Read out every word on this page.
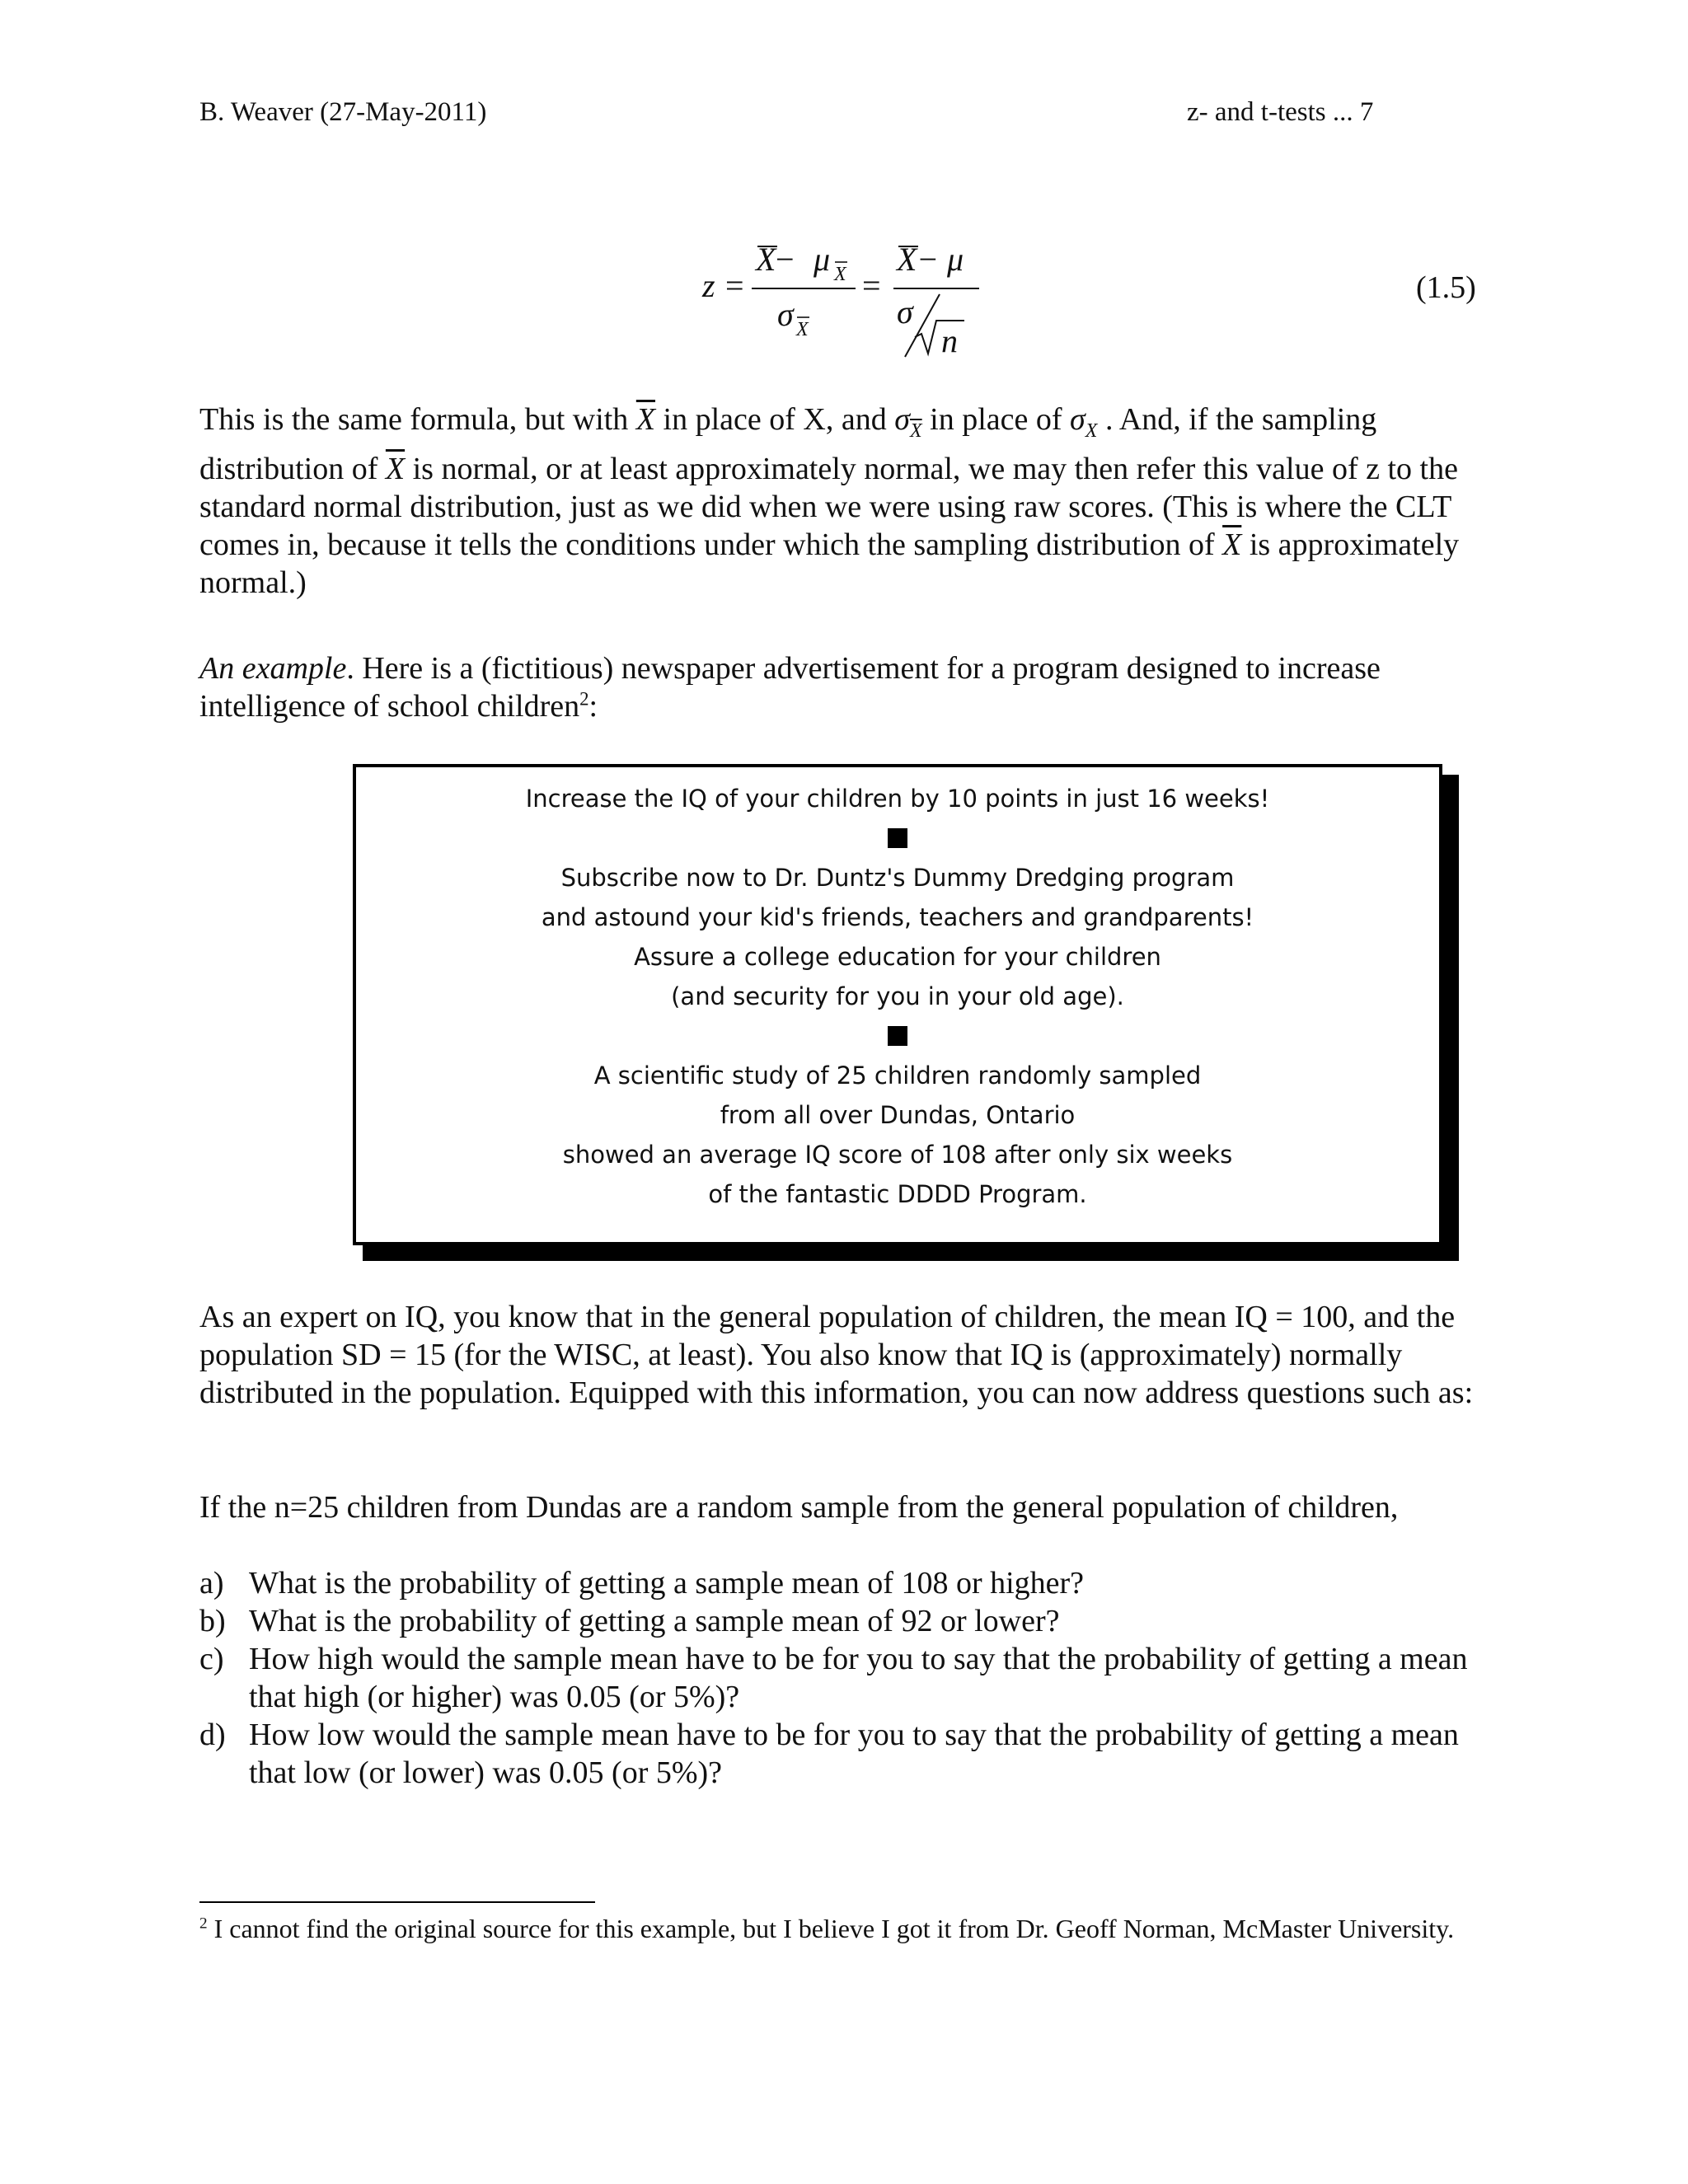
B. Weaver (27-May-2011)	z- and t-tests ... 7
z =
X − μ X
σ X
=
X − μ
σ
n
(1.5)

This is the same formula, but with $\overline{X}$ in place of X, and $\sigma_{\overline{X}}$ in place of $\sigma_X$ . And, if the sampling distribution of $\overline{X}$ is normal, or at least approximately normal, we may then refer this value of z to the standard normal distribution, just as we did when we were using raw scores. (This is where the CLT comes in, because it tells the conditions under which the sampling distribution of $\overline{X}$ is approximately normal.)

An example. Here is a (fictitious) newspaper advertisement for a program designed to increase intelligence of school children$^2$:

Increase the IQ of your children by 10 points in just 16 weeks!
Subscribe now to Dr. Duntz's Dummy Dredging program
and astound your kid's friends, teachers and grandparents!
Assure a college education for your children
(and security for you in your old age).
A scientific study of 25 children randomly sampled
from all over Dundas, Ontario
showed an average IQ score of 108 after only six weeks
of the fantastic DDDD Program.

As an expert on IQ, you know that in the general population of children, the mean IQ = 100, and the population SD = 15 (for the WISC, at least). You also know that IQ is (approximately) normally distributed in the population. Equipped with this information, you can now address questions such as:

If the n=25 children from Dundas are a random sample from the general population of children,

a) What is the probability of getting a sample mean of 108 or higher?
b) What is the probability of getting a sample mean of 92 or lower?
c) How high would the sample mean have to be for you to say that the probability of getting a mean that high (or higher) was 0.05 (or 5%)?
d) How low would the sample mean have to be for you to say that the probability of getting a mean that low (or lower) was 0.05 (or 5%)?
$^2$ I cannot find the original source for this example, but I believe I got it from Dr. Geoff Norman, McMaster University.
